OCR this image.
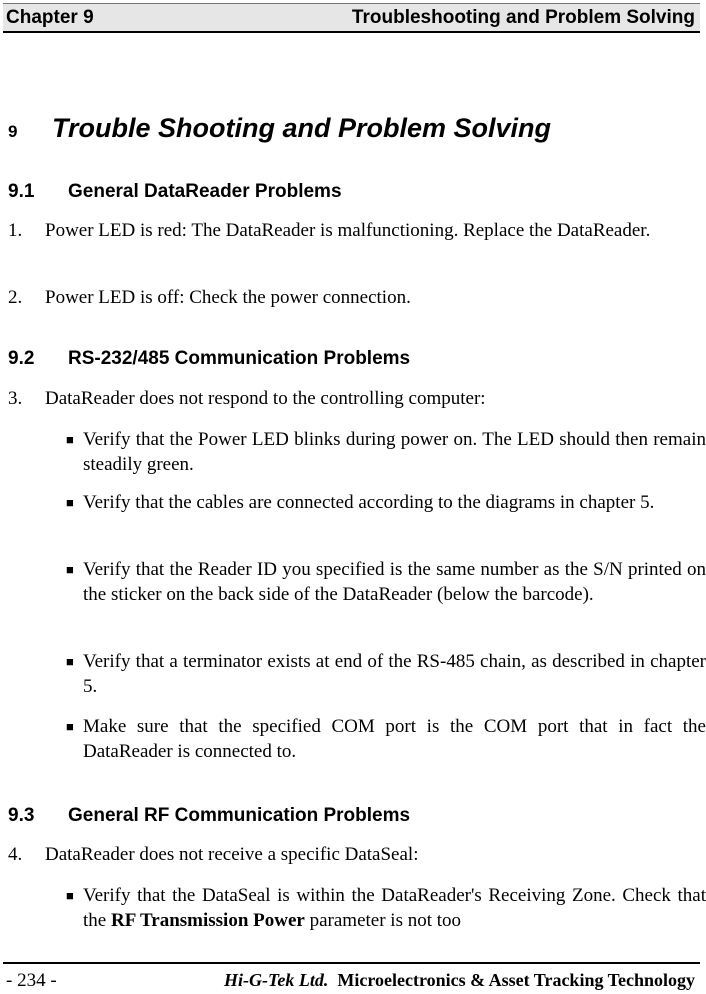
Chapter 9	Troubleshooting and Problem Solving
9 Trouble Shooting and Problem Solving
9.1 General DataReader Problems
1. Power LED is red: The DataReader is malfunctioning. Replace the DataReader.
2. Power LED is off: Check the power connection.
9.2 RS-232/485 Communication Problems
3. DataReader does not respond to the controlling computer:
■ Verify that the Power LED blinks during power on. The LED should then remain steadily green.
■ Verify that the cables are connected according to the diagrams in chapter 5.
■ Verify that the Reader ID you specified is the same number as the S/N printed on the sticker on the back side of the DataReader (below the barcode).
■ Verify that a terminator exists at end of the RS-485 chain, as described in chapter 5.
■ Make sure that the specified COM port is the COM port that in fact the DataReader is connected to.
9.3 General RF Communication Problems
4. DataReader does not receive a specific DataSeal:
■ Verify that the DataSeal is within the DataReader's Receiving Zone. Check that the RF Transmission Power parameter is not too
- 234 -	Hi-G-Tek Ltd. Microelectronics & Asset Tracking Technology
